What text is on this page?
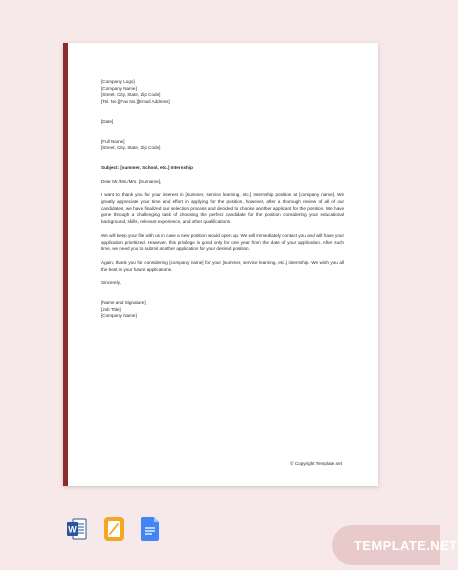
[Company Logo]

[Company Name]

[Street, City, State, Zip Code]

[Tel. No.][Fax No.][Email Address]

[Date]

[Full Name]

[Street, City, State, Zip Code]

Subject: [summer, School, etc.] Internship

Dear Mr./Ms./Mrs. [Surname],

I want to thank you for your interest in [summer, service learning, etc.] Internship position at [company name]. We greatly appreciate your time and effort in applying for the position, however, after a thorough review of all of our candidates, we have finalized our selection process and decided to choose another applicant for the position. We have gone through a challenging task of choosing the perfect candidate for the position considering your educational background, skills, relevant experience, and other qualifications.

We will keep your file with us in case a new position would open up. We will immediately contact you and will have your application prioritized. However, this privilege is good only for one year from the date of your application. After such time, we need you to submit another application for your desired position.

Again, thank you for considering [company name] for your [summer, service learning, etc.] internship. We wish you all the best in your future applications.

Sincerely,

[Name and Signature]

[Job Title]

[Company Name]

© Copyright Template.net
W
TEMPLATE.NET
